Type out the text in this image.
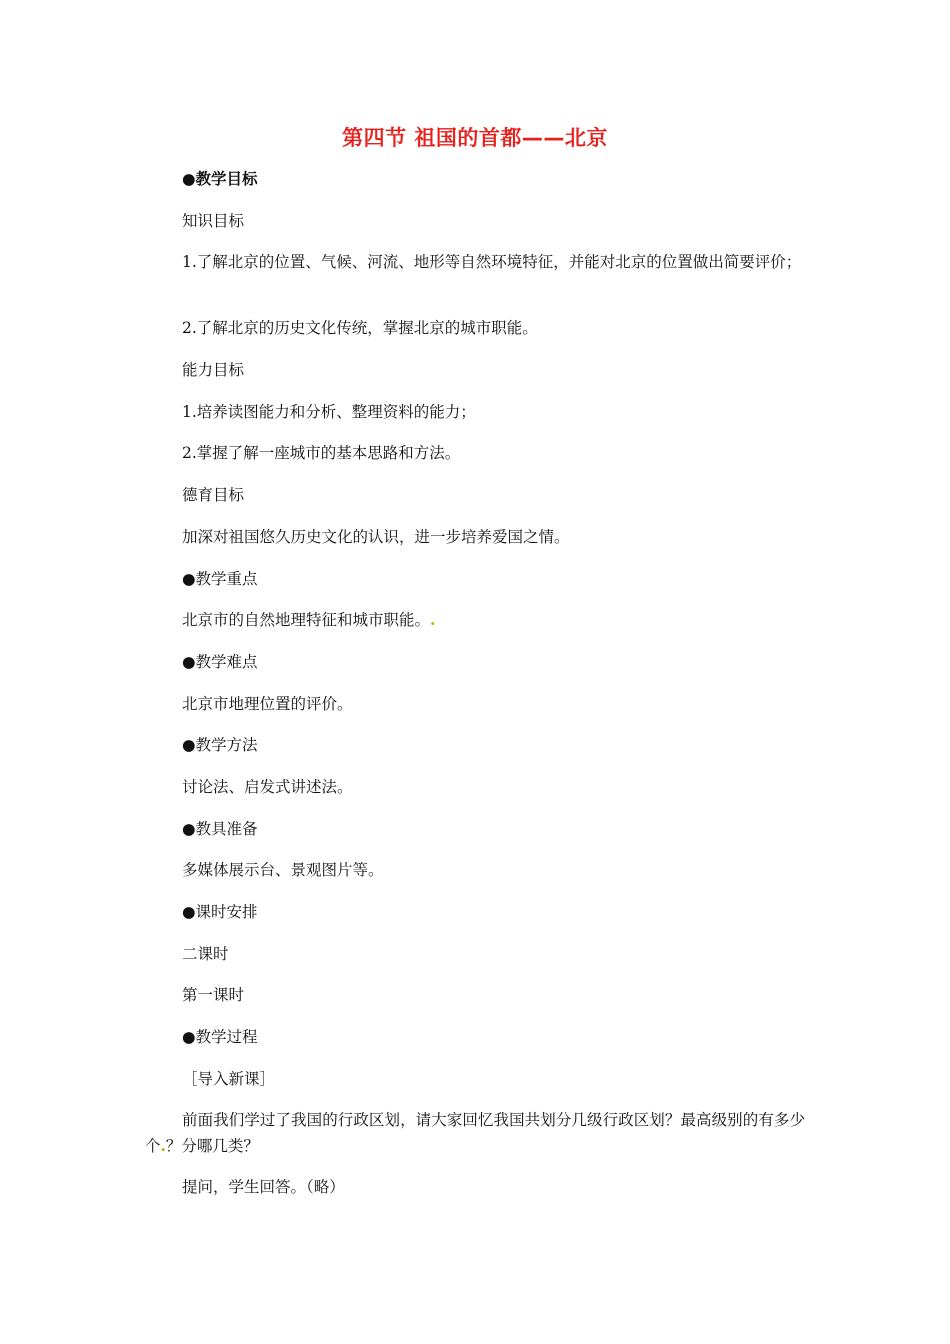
第四节 祖国的首都——北京
●教学目标
知识目标
1.了解北京的位置、气候、河流、地形等自然环境特征，并能对北京的位置做出简要评价；
2.了解北京的历史文化传统，掌握北京的城市职能。
能力目标
1.培养读图能力和分析、整理资料的能力；
2.掌握了解一座城市的基本思路和方法。
德育目标
加深对祖国悠久历史文化的认识，进一步培养爱国之情。
●教学重点
北京市的自然地理特征和城市职能。.
●教学难点
北京市地理位置的评价。
●教学方法
讨论法、启发式讲述法。
●教具准备
多媒体展示台、景观图片等。
●课时安排
二课时
第一课时
●教学过程
［导入新课］
前面我们学过了我国的行政区划，请大家回忆我国共划分几级行政区划？最高级别的有多少个.？分哪几类？
提问，学生回答。（略）
